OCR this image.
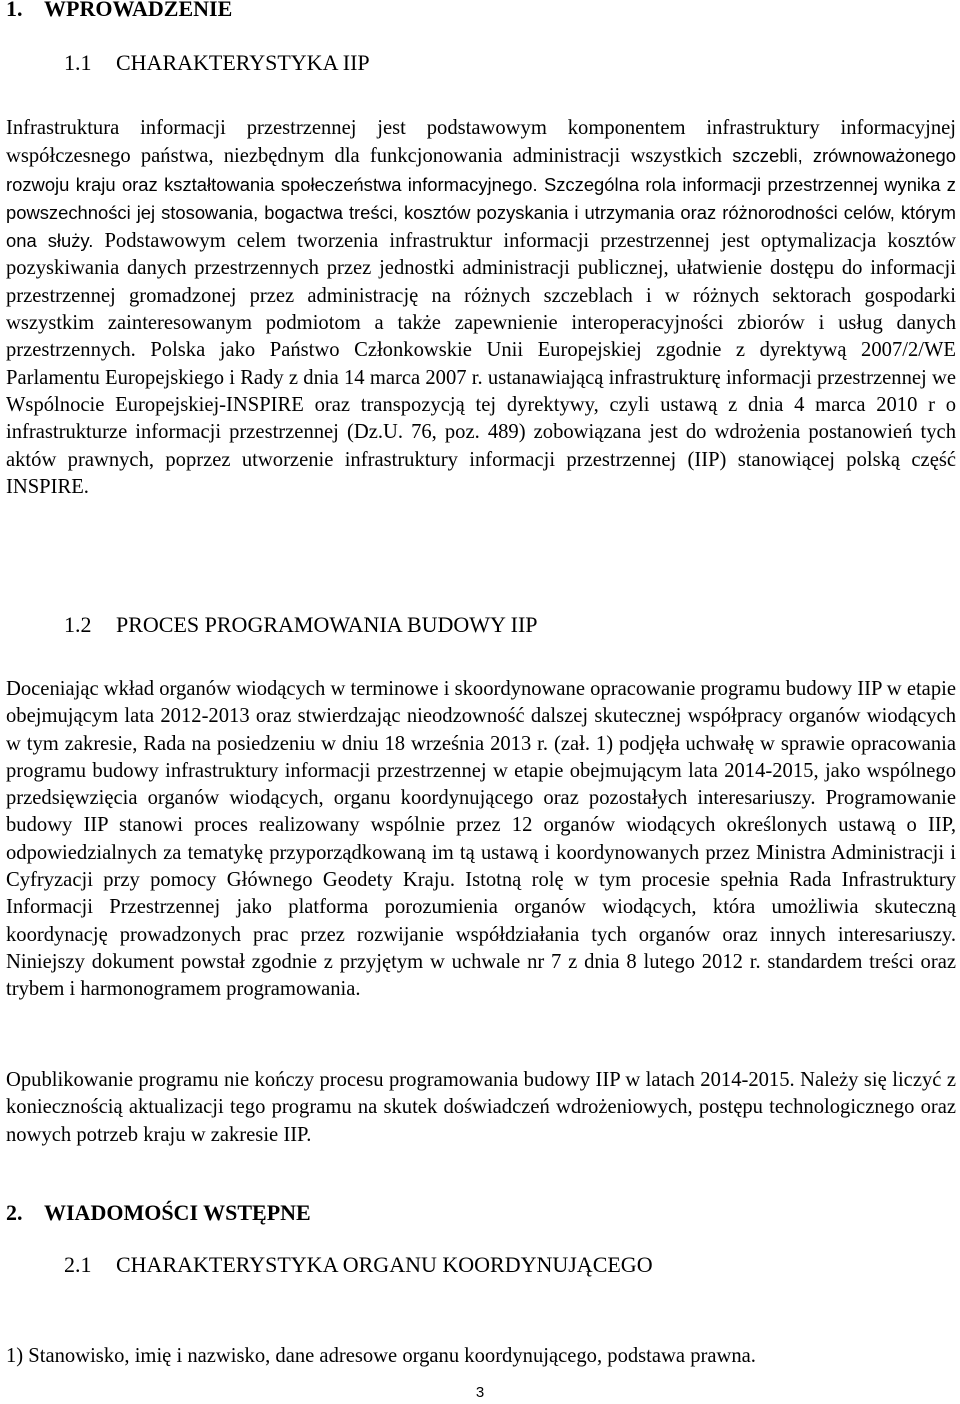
1. WPROWADZENIE
1.1 CHARAKTERYSTYKA IIP

Infrastruktura informacji przestrzennej jest podstawowym komponentem infrastruktury informacyjnej współczesnego państwa, niezbędnym dla funkcjonowania administracji wszystkich szczebli, zrównoważonego rozwoju kraju oraz kształtowania społeczeństwa informacyjnego. Szczególna rola informacji przestrzennej wynika z powszechności jej stosowania, bogactwa treści, kosztów pozyskania i utrzymania oraz różnorodności celów, którym ona służy. Podstawowym celem tworzenia infrastruktur informacji przestrzennej jest optymalizacja kosztów pozyskiwania danych przestrzennych przez jednostki administracji publicznej, ułatwienie dostępu do informacji przestrzennej gromadzonej przez administrację na różnych szczeblach i w różnych sektorach gospodarki wszystkim zainteresowanym podmiotom a także zapewnienie interoperacyjności zbiorów i usług danych przestrzennych. Polska jako Państwo Członkowskie Unii Europejskiej zgodnie z dyrektywą 2007/2/WE Parlamentu Europejskiego i Rady z dnia 14 marca 2007 r. ustanawiającą infrastrukturę informacji przestrzennej we Wspólnocie Europejskiej-INSPIRE oraz transpozycją tej dyrektywy, czyli ustawą z dnia 4 marca 2010 r o infrastrukturze informacji przestrzennej (Dz.U. 76, poz. 489) zobowiązana jest do wdrożenia postanowień tych aktów prawnych, poprzez utworzenie infrastruktury informacji przestrzennej (IIP) stanowiącej polską część INSPIRE.

1.2 PROCES PROGRAMOWANIA BUDOWY IIP

Doceniając wkład organów wiodących w terminowe i skoordynowane opracowanie programu budowy IIP w etapie obejmującym lata 2012-2013 oraz stwierdzając nieodzowność dalszej skutecznej współpracy organów wiodących w tym zakresie, Rada na posiedzeniu w dniu 18 września 2013 r. (zał. 1) podjęła uchwałę w sprawie opracowania programu budowy infrastruktury informacji przestrzennej w etapie obejmującym lata 2014-2015, jako wspólnego przedsięwzięcia organów wiodących, organu koordynującego oraz pozostałych interesariuszy. Programowanie budowy IIP stanowi proces realizowany wspólnie przez 12 organów wiodących określonych ustawą o IIP, odpowiedzialnych za tematykę przyporządkowaną im tą ustawą i koordynowanych przez Ministra Administracji i Cyfryzacji przy pomocy Głównego Geodety Kraju. Istotną rolę w tym procesie spełnia Rada Infrastruktury Informacji Przestrzennej jako platforma porozumienia organów wiodących, która umożliwia skuteczną koordynację prowadzonych prac przez rozwijanie współdziałania tych organów oraz innych interesariuszy. Niniejszy dokument powstał zgodnie z przyjętym w uchwale nr 7 z dnia 8 lutego 2012 r. standardem treści oraz trybem i harmonogramem programowania.

Opublikowanie programu nie kończy procesu programowania budowy IIP w latach 2014-2015. Należy się liczyć z koniecznością aktualizacji tego programu na skutek doświadczeń wdrożeniowych, postępu technologicznego oraz nowych potrzeb kraju w zakresie IIP.

2. WIADOMOŚCI WSTĘPNE
2.1 CHARAKTERYSTYKA ORGANU KOORDYNUJĄCEGO

1) Stanowisko, imię i nazwisko, dane adresowe organu koordynującego, podstawa prawna.

3
